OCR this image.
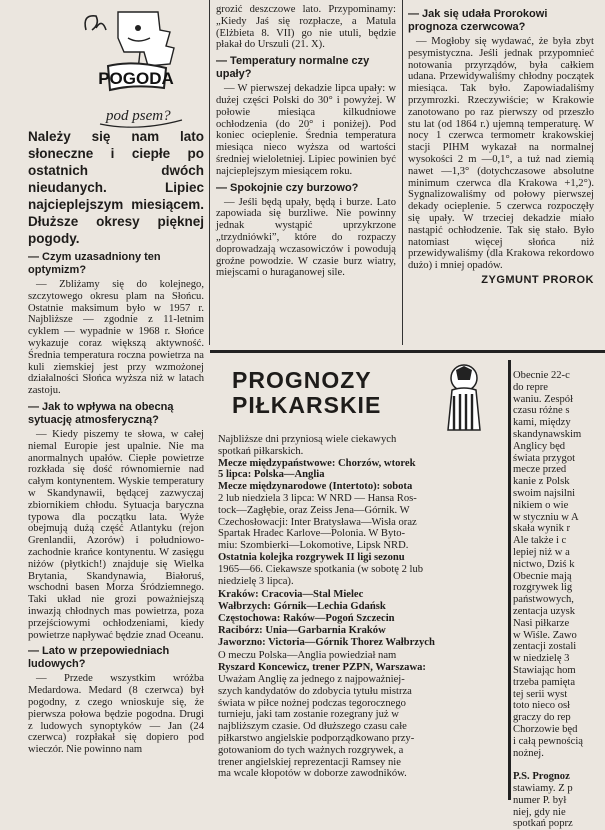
POGODA
pod psem?
Należy się nam lato słoneczne i ciepłe po ostatnich dwóch nieudanych. Lipiec najcieplejszym miesiącem. Dłuższe okresy pięknej pogody.
— Czym uzasadniony ten optymizm?

— Zbliżamy się do kolejnego, szczytowego okresu plam na Słońcu. Ostatnie maksimum było w 1957 r. Najbliższe — zgodnie z 11-letnim cyklem — wypadnie w 1968 r. Słońce wykazuje coraz większą aktywność. Średnia temperatura roczna powietrza na kuli ziemskiej jest przy wzmożonej działalności Słońca wyższa niż w latach zastoju.

— Jak to wpływa na obecną sytuację atmosferyczną?

— Kiedy piszemy te słowa, w całej niemal Europie jest upalnie. Nie ma anormalnych upałów. Ciepłe powietrze rozkłada się dość równomiernie nad całym kontynentem. Wyskie temperatury w Skandynawii, będącej zazwyczaj zbiornikiem chłodu. Sytuacja baryczna typowa dla początku lata. Wyże obejmują dużą część Atlantyku (rejon Grenlandii, Azorów) i południowo-zachodnie krańce kontynentu. W zasięgu niżów (płytkich!) znajduje się Wielka Brytania, Skandynawia, Białoruś, wschodni basen Morza Śródziemnego. Taki układ nie grozi poważniejszą inwazją chłodnych mas powietrza, poza przejściowymi ochłodzeniami, kiedy powietrze napływać będzie znad Oceanu.

— Lato w przepowiedniach ludowych?

— Przede wszystkim wróżba Medardowa. Medard (8 czerwca) był pogodny, z czego wnioskuje się, że pierwsza połowa będzie pogodna. Drugi z ludowych synoptyków — Jan (24 czerwca) rozpłakał się dopiero pod wieczór. Nie powinno nam

grozić deszczowe lato. Przypominamy: „Kiedy Jaś się rozpłacze, a Matula (Elżbieta 8. VII) go nie utuli, będzie płakał do Urszuli (21. X).

— Temperatury normalne czy upały?

— W pierwszej dekadzie lipca upały: w dużej części Polski do 30° i powyżej. W połowie miesiąca kilkudniowe ochłodzenia (do 20° i poniżej). Pod koniec ocieplenie. Średnia temperatura miesiąca nieco wyższa od wartości średniej wieloletniej. Lipiec powinien być najcieplejszym miesiącem roku.

— Spokojnie czy burzowo?

— Jeśli będą upały, będą i burze. Lato zapowiada się burzliwe. Nie powinny jednak wystąpić uprzykrzone „trzydniówki”, które do rozpaczy doprowadzają wczasowiczów i powodują groźne powodzie. W czasie burz wiatry, miejscami o huraganowej sile.

— Jak się udała Prorokowi prognoza czerwcowa?

— Mogłoby się wydawać, że była zbyt pesymistyczna. Jeśli jednak przypomnieć notowania przyrządów, była całkiem udana. Przewidywaliśmy chłodny początek miesiąca. Tak było. Zapowiadaliśmy przymrozki. Rzeczywiście; w Krakowie zanotowano po raz pierwszy od przeszło stu lat (od 1864 r.) ujemną temperaturę. W nocy 1 czerwca termometr krakowskiej stacji PIHM wykazał na normalnej wysokości 2 m —0,1°, a tuż nad ziemią nawet —1,3° (dotychczasowe absolutne minimum czerwca dla Krakowa +1,2°). Sygnalizowaliśmy od połowy pierwszej dekady ocieplenie. 5 czerwca rozpoczęły się upały. W trzeciej dekadzie miało nastąpić ochłodzenie. Tak się stało. Było natomiast więcej słońca niż przewidywaliśmy (dla Krakowa rekordowo dużo) i mniej opadów.

ZYGMUNT PROROK
PROGNOZY
PIŁKARSKIE
Najbliższe dni przyniosą wiele ciekawych
spotkań piłkarskich.
Mecze międzypaństwowe: Chorzów, wtorek
5 lipca: Polska—Anglia
Mecze międzynarodowe (Intertoto): sobota
2 lub niedziela 3 lipca: W NRD — Hansa Ros-
tock—Zagłębie, oraz Zeiss Jena—Górnik. W
Czechosłowacji: Inter Bratysława—Wisła oraz
Spartak Hradec Karlove—Polonia. W Byto-
miu: Szombierki—Lokomotive, Lipsk NRD.
Ostatnia kolejka rozgrywek II ligi sezonu
1965—66. Ciekawsze spotkania (w sobotę 2 lub
niedzielę 3 lipca).
Kraków: Cracovia—Stal Mielec
Wałbrzych: Górnik—Lechia Gdańsk
Częstochowa: Raków—Pogoń Szczecin
Racibórz: Unia—Garbarnia Kraków
Jaworzno: Victoria—Górnik Thorez Wałbrzych
O meczu Polska—Anglia powiedział nam
Ryszard Koncewicz, trener PZPN, Warszawa:
Uważam Anglię za jednego z najpoważniej-
szych kandydatów do zdobycia tytułu mistrza
świata w piłce nożnej podczas tegorocznego
turnieju, jaki tam zostanie rozegrany już w
najbliższym czasie. Od dłuższego czasu całe
piłkarstwo angielskie podporządkowano przy-
gotowaniom do tych ważnych rozgrywek, a
trener angielskiej reprezentacji Ramsey nie
ma wcale kłopotów w doborze zawodników.
Obecnie 22-c
do repre
waniu. Zespół
czasu różne s
kami, między
skandynawskim
Anglicy będ
świata przygot
mecze przed
kanie z Polsk
swoim najsilni
nikiem o wie
w styczniu w A
skała wynik r
Ale także i c
lepiej niż w a
nictwo, Dziś k
Obecnie mają
rozgrywek lig
państwowych,
zentacja uzysk
Nasi piłkarze
w Wiśle. Zawo
zentacji zostali
w niedzielę 3
Stawiając hom
trzeba pamięta
tej serii wyst
toto nieco osł
graczy do rep
Chorzowie będ
i całą pewnością
nożnej.
P.S. Prognoz
stawiamy. Z p
numer P. był
niej, gdy nie
spotkań poprz
